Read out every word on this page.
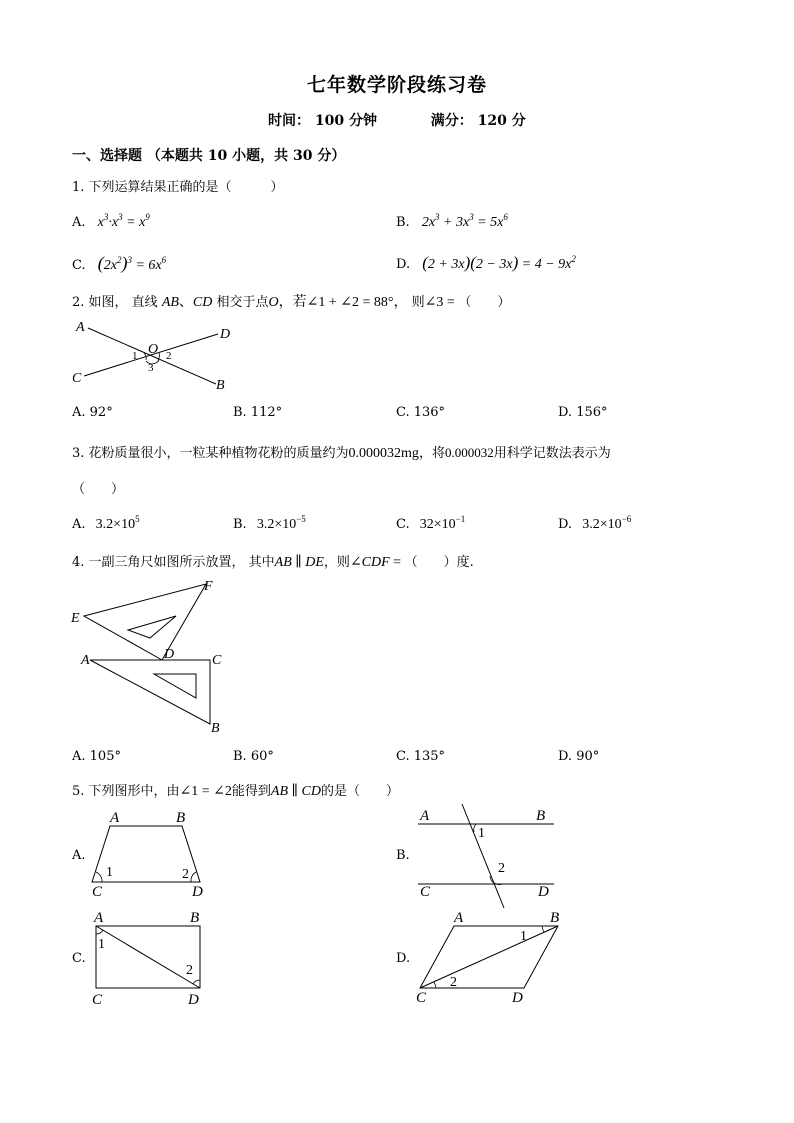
七年数学阶段练习卷
时间： 100 分钟	满分： 120 分
一、选择题 （本题共 10 小题，共 30 分）
1. 下列运算结果正确的是（　　　）
A. $x^3\cdot x^3 = x^9$	B. $2x^3 + 3x^3 = 5x^6$
C. $(2x^2)^3 = 6x^6$	D. $(2 + 3x)(2 - 3x) = 4 - 9x^2$
2. 如图， 直线 AB、CD 相交于点O，若∠1 + ∠2 = 88°， 则∠3 = （　　）
A
B
C
D
O
1	2
3
A. 92°	B. 112°	C. 136°	D. 156°
3. 花粉质量很小，一粒某种植物花粉的质量约为0.000032mg，将0.000032用科学记数法表示为
（　　）
A. $3.2\times 10^5$	B. $3.2\times 10^{-5}$	C. $32\times 10^{-1}$	D. $3.2\times 10^{-6}$
4. 一副三角尺如图所示放置， 其中AB ∥ DE，则∠CDF = （　　）度.
E
F
A	D	C
B
A. 105°	B. 60°	C. 135°	D. 90°
5. 下列图形中，由∠1 = ∠2能得到AB ∥ CD的是（　　）
A.
A	B
C	D
1	2
B.
A	B
C	D
1
2
C.
A	B
C	D
1
2
D.
A	B
C	D
1
2
